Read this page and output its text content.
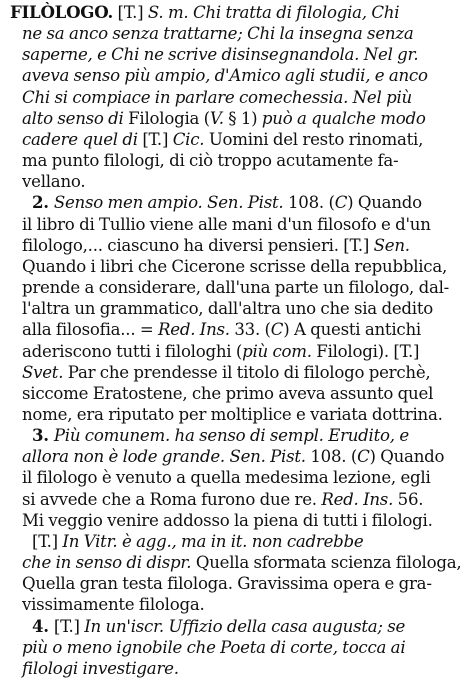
FILÒLOGO. [T.] S. m. Chi tratta di filologia, Chi
ne sa anco senza trattarne; Chi la insegna senza
saperne, e Chi ne scrive disinsegnandola. Nel gr.
aveva senso più ampio, d'Amico agli studii, e anco
Chi si compiace in parlare comechessia. Nel più
alto senso di Filologia (V. § 1) può a qualche modo
cadere quel di [T.] Cic. Uomini del resto rinomati,
ma punto filologi, di ciò troppo acutamente fa-
vellano.
2. Senso men ampio. Sen. Pist. 108. (C) Quando
il libro di Tullio viene alle mani d'un filosofo e d'un
filologo,... ciascuno ha diversi pensieri. [T.] Sen.
Quando i libri che Cicerone scrisse della repubblica,
prende a considerare, dall'una parte un filologo, dal-
l'altra un grammatico, dall'altra uno che sia dedito
alla filosofia... = Red. Ins. 33. (C) A questi antichi
aderiscono tutti i filologhi (più com. Filologi). [T.]
Svet. Par che prendesse il titolo di filologo perchè,
siccome Eratostene, che primo aveva assunto quel
nome, era riputato per moltiplice e variata dottrina.
3. Più comunem. ha senso di sempl. Erudito, e
allora non è lode grande. Sen. Pist. 108. (C) Quando
il filologo è venuto a quella medesima lezione, egli
si avvede che a Roma furono due re. Red. Ins. 56.
Mi veggio venire addosso la piena di tutti i filologi.
[T.] In Vitr. è agg., ma in it. non cadrebbe
che in senso di dispr. Quella sformata scienza filologa,
Quella gran testa filologa. Gravissima opera e gra-
vissimamente filologa.
4. [T.] In un'iscr. Uffizio della casa augusta; se
più o meno ignobile che Poeta di corte, tocca ai
filologi investigare.
